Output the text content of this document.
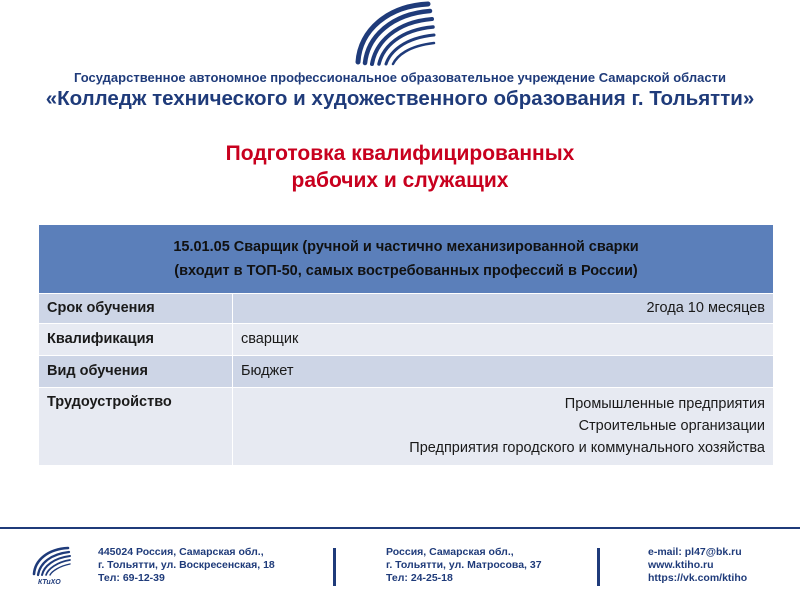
Государственное автономное профессиональное образовательное учреждение Самарской области
«Колледж технического и художественного образования г. Тольятти»
Подготовка квалифицированных
рабочих и служащих
15.01.05 Сварщик (ручной и частично механизированной сварки
(входит в ТОП-50, самых востребованных профессий в России)	

Срок обучения	2года 10 месяцев
Квалификация	сварщик
Вид обучения	Бюджет
Трудоустройство	Промышленные предприятия
Строительные организации
Предприятия городского и коммунального хозяйства
КТиХО
445024 Россия, Самарская обл.,
г. Тольятти, ул. Воскресенская, 18
Тел: 69-12-39
Россия, Самарская обл.,
г. Тольятти, ул. Матросова, 37
Тел: 24-25-18
e-mail: pl47@bk.ru
www.ktiho.ru
https://vk.com/ktiho
